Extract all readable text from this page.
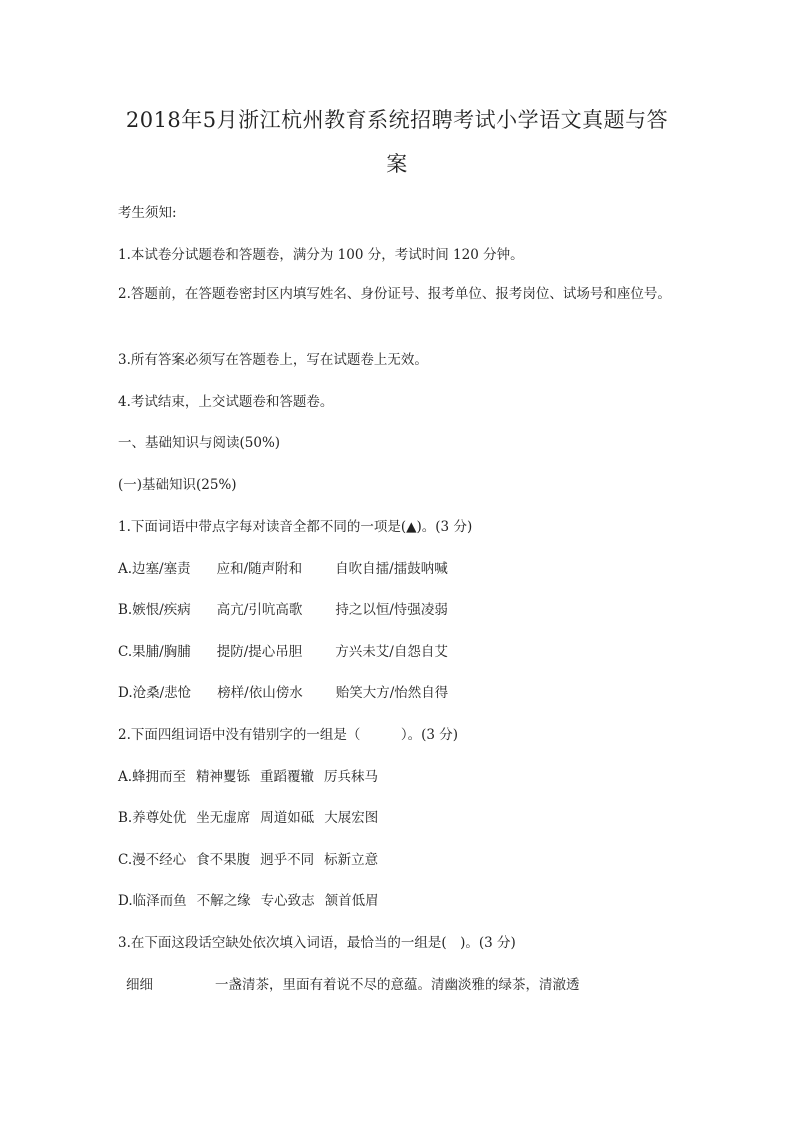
2018年5月浙江杭州教育系统招聘考试小学语文真题与答
案
考生须知:
1.本试卷分试题卷和答题卷，满分为 100 分，考试时间 120 分钟。
2.答题前，在答题卷密封区内填写姓名、身份证号、报考单位、报考岗位、试场号和座位号。
3.所有答案必须写在答题卷上，写在试题卷上无效。
4.考试结束，上交试题卷和答题卷。
一、基础知识与阅读(50%)
(一)基础知识(25%)
1.下面词语中带点字每对读音全都不同的一项是(▲)。(3 分)
A.边塞/塞责 应和/随声附和 自吹自擂/擂鼓呐喊
B.嫉恨/疾病 高亢/引吭高歌 持之以恒/恃强凌弱
C.果脯/胸脯 提防/提心吊胆 方兴未艾/自怨自艾
D.沧桑/悲怆 榜样/依山傍水 贻笑大方/怡然自得
2.下面四组词语中没有错别字的一组是（　　　）。(3 分)
A.蜂拥而至 精神矍铄 重蹈覆辙 厉兵秣马
B.养尊处优 坐无虚席 周道如砥 大展宏图
C.漫不经心 食不果腹 迥乎不同 标新立意
D.临泽而鱼 不解之缘 专心致志 颔首低眉
3.在下面这段话空缺处依次填入词语，最恰当的一组是(　)。(3 分)
细细	一盏清茶，里面有着说不尽的意蕴。清幽淡雅的绿茶，清澈透
